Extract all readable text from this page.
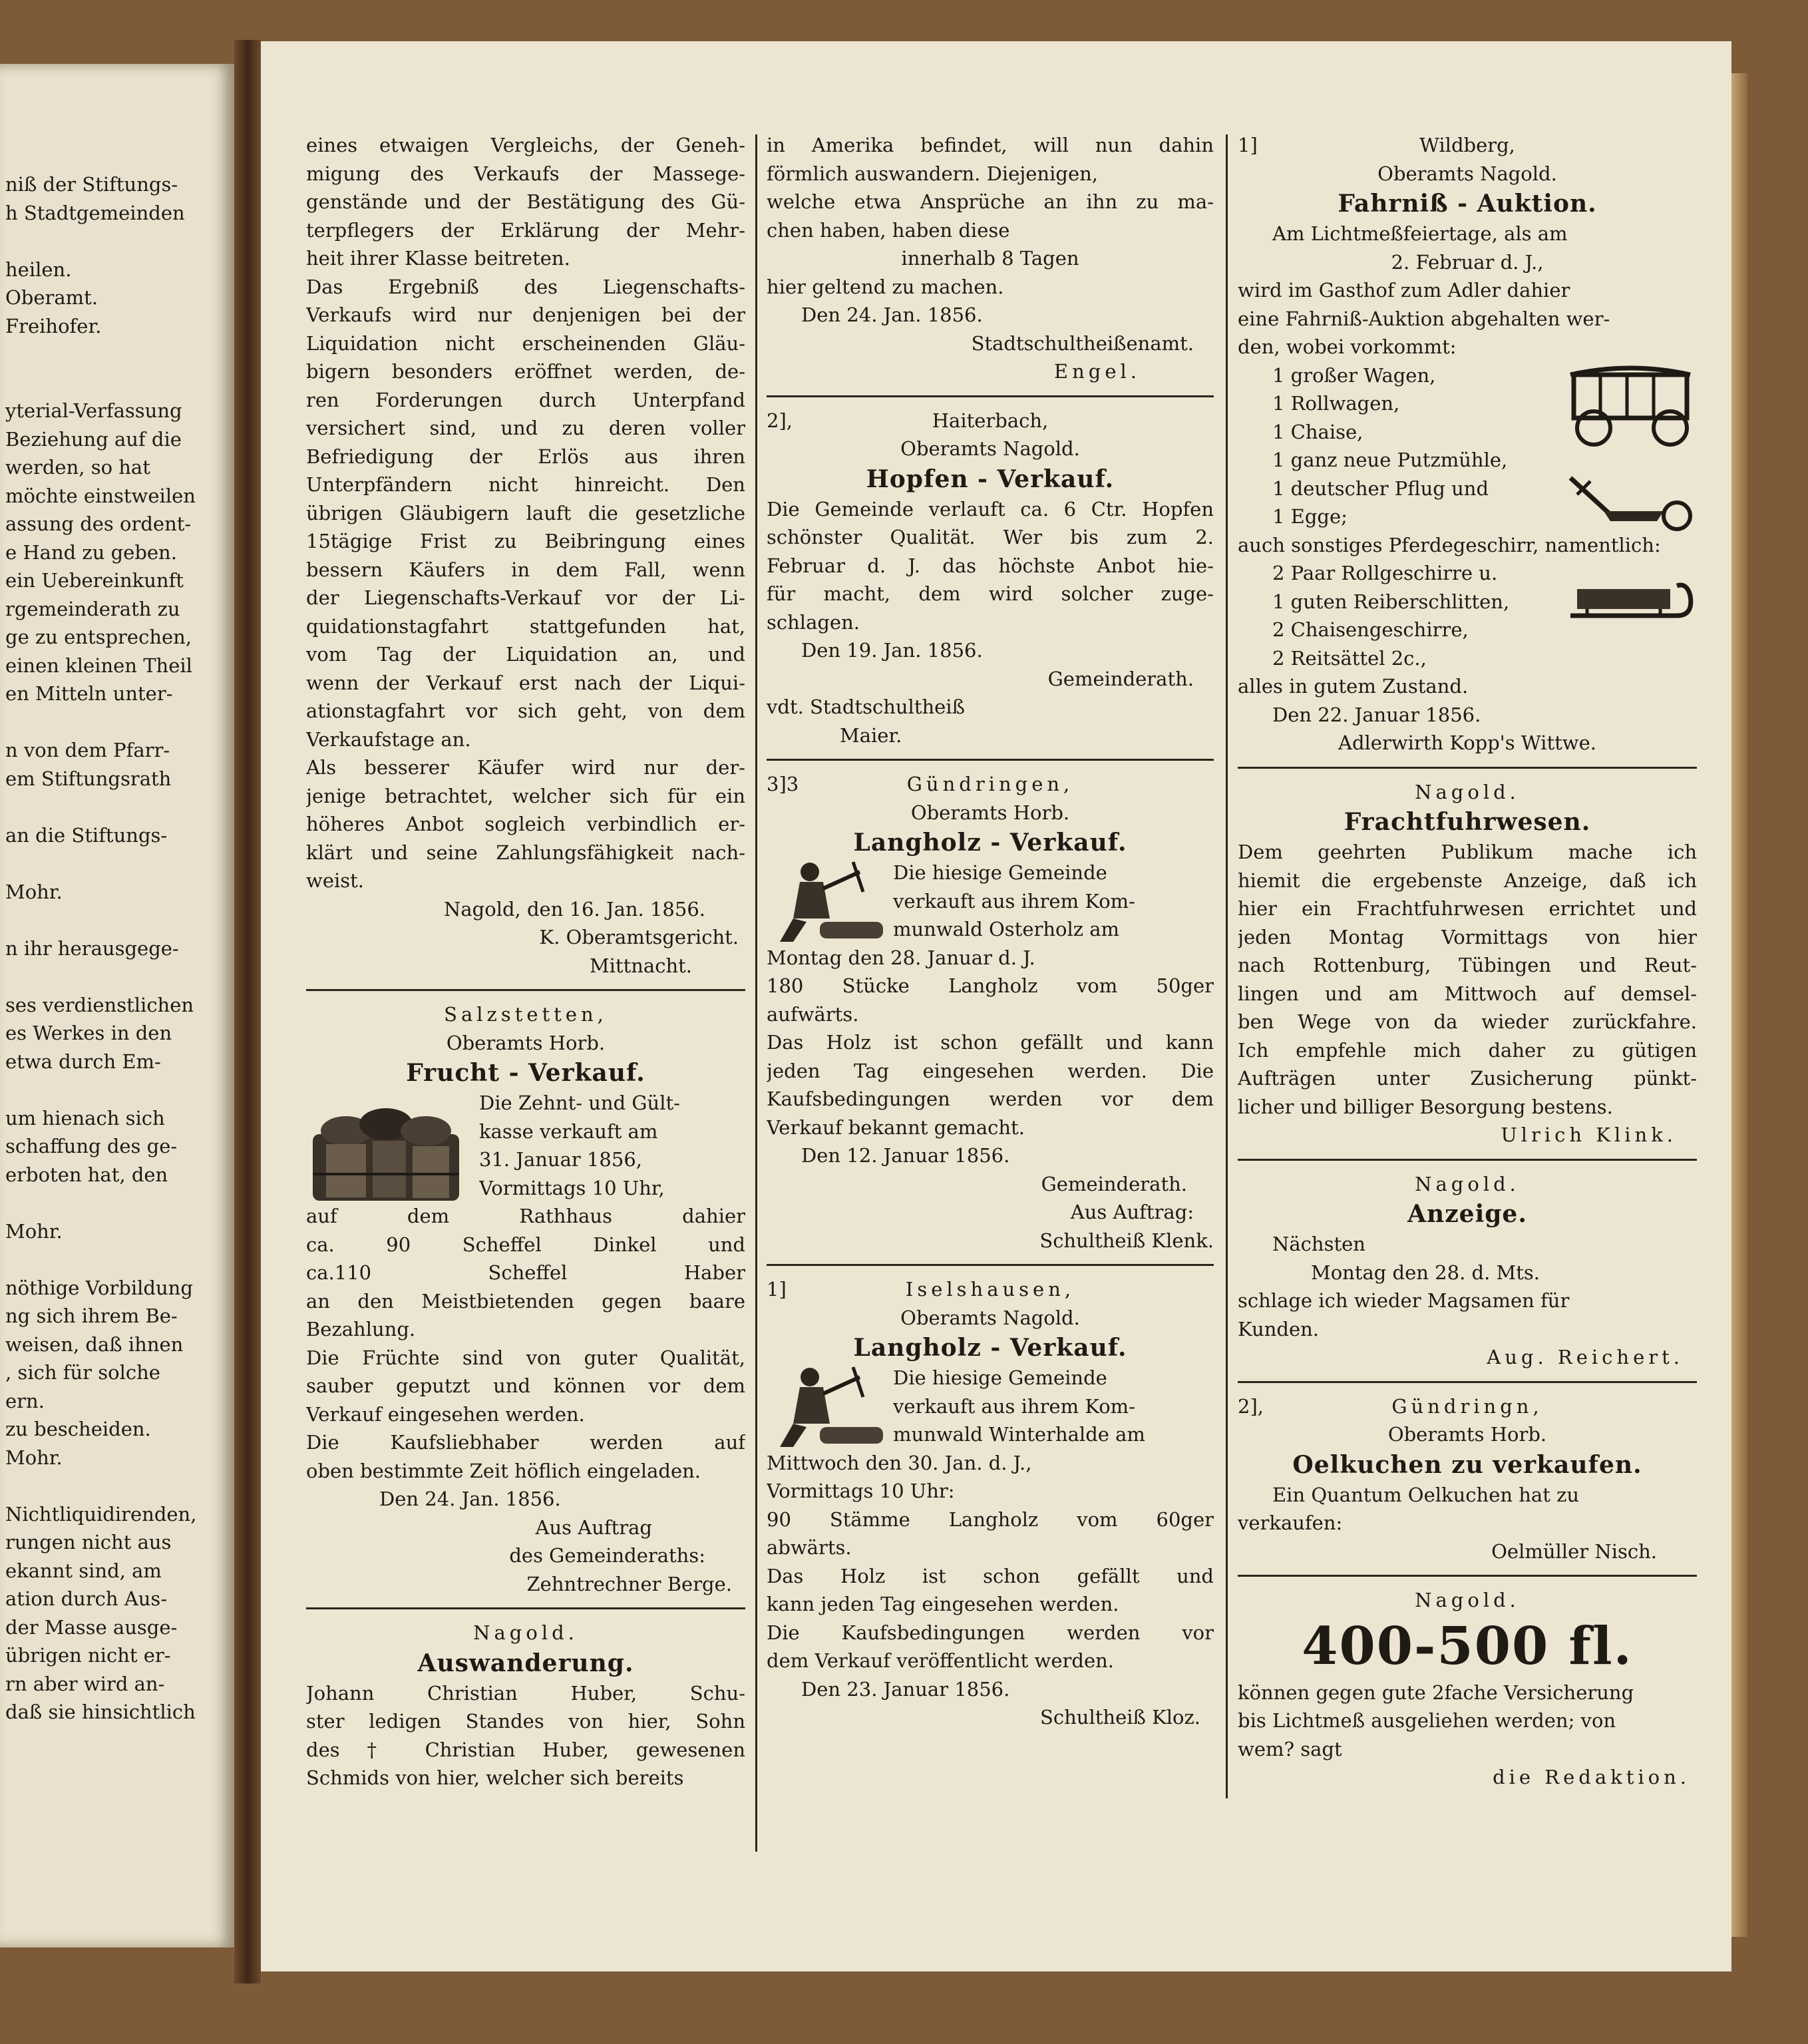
niß der Stiftungs-
h Stadtgemeinden

heilen.
Oberamt.
Freihofer.

yterial-Verfassung
Beziehung auf die
werden, so hat
möchte einstweilen
assung des ordent-
e Hand zu geben.
ein Uebereinkunft
rgemeinderath zu
ge zu entsprechen,
einen kleinen Theil
en Mitteln unter-

n von dem Pfarr-
em Stiftungsrath

an die Stiftungs-

Mohr.

n ihr herausgege-

ses verdienstlichen
es Werkes in den
etwa durch Em-

um hienach sich
schaffung des ge-
erboten hat, den

Mohr.

nöthige Vorbildung
ng sich ihrem Be-
weisen, daß ihnen
, sich für solche
ern.
zu bescheiden.
Mohr.

Nichtliquidirenden,
rungen nicht aus
ekannt sind, am
ation durch Aus-
der Masse ausge-
übrigen nicht er-
rn aber wird an-
daß sie hinsichtlich
eines etwaigen Vergleichs, der Geneh-
migung des Verkaufs der Massege-
genstände und der Bestätigung des Gü-
terpflegers der Erklärung der Mehr-
heit ihrer Klasse beitreten.
Das Ergebniß des Liegenschafts-
Verkaufs wird nur denjenigen bei der
Liquidation nicht erscheinenden Gläu-
bigern besonders eröffnet werden, de-
ren Forderungen durch Unterpfand
versichert sind, und zu deren voller
Befriedigung der Erlös aus ihren
Unterpfändern nicht hinreicht. Den
übrigen Gläubigern lauft die gesetzliche
15tägige Frist zu Beibringung eines
bessern Käufers in dem Fall, wenn
der Liegenschafts-Verkauf vor der Li-
quidationstagfahrt stattgefunden hat,
vom Tag der Liquidation an, und
wenn der Verkauf erst nach der Liqui-
ationstagfahrt vor sich geht, von dem
Verkaufstage an.
Als besserer Käufer wird nur der-
jenige betrachtet, welcher sich für ein
höheres Anbot sogleich verbindlich er-
klärt und seine Zahlungsfähigkeit nach-
weist.
Nagold, den 16. Jan. 1856.
K. Oberamtsgericht.
Mittnacht.
Salzstetten,
Oberamts Horb.
Frucht - Verkauf.
Die Zehnt- und Gült-
kasse verkauft am
31. Januar 1856,
Vormittags 10 Uhr,
auf dem Rathhaus dahier
ca. 90 Scheffel Dinkel und
ca.110 Scheffel Haber
an den Meistbietenden gegen baare
Bezahlung.
Die Früchte sind von guter Qualität,
sauber geputzt und können vor dem
Verkauf eingesehen werden.
Die Kaufsliebhaber werden auf
oben bestimmte Zeit höflich eingeladen.
Den 24. Jan. 1856.
Aus Auftrag
des Gemeinderaths:
Zehntrechner Berge.
Nagold.
Auswanderung.
Johann Christian Huber, Schu-
ster ledigen Standes von hier, Sohn
des † Christian Huber, gewesenen
Schmids von hier, welcher sich bereits
in Amerika befindet, will nun dahin
förmlich auswandern. Diejenigen,
welche etwa Ansprüche an ihn zu ma-
chen haben, haben diese
innerhalb 8 Tagen
hier geltend zu machen.
Den 24. Jan. 1856.
Stadtschultheißenamt.
Engel.
2],	Haiterbach,
Oberamts Nagold.
Hopfen - Verkauf.
Die Gemeinde verlauft ca. 6 Ctr. Hopfen
schönster Qualität. Wer bis zum 2.
Februar d. J. das höchste Anbot hie-
für macht, dem wird solcher zuge-
schlagen.
Den 19. Jan. 1856.
Gemeinderath.
vdt. Stadtschultheiß
Maier.
3]3	Gündringen,
Oberamts Horb.
Langholz - Verkauf.
Die hiesige Gemeinde
verkauft aus ihrem Kom-
munwald Osterholz am
Montag den 28. Januar d. J.
180 Stücke Langholz vom 50ger
aufwärts.
Das Holz ist schon gefällt und kann
jeden Tag eingesehen werden. Die
Kaufsbedingungen werden vor dem
Verkauf bekannt gemacht.
Den 12. Januar 1856.
Gemeinderath.
Aus Auftrag:
Schultheiß Klenk.
1]	Iselshausen,
Oberamts Nagold.
Langholz - Verkauf.
Die hiesige Gemeinde
verkauft aus ihrem Kom-
munwald Winterhalde am
Mittwoch den 30. Jan. d. J.,
Vormittags 10 Uhr:
90 Stämme Langholz vom 60ger
abwärts.
Das Holz ist schon gefällt und
kann jeden Tag eingesehen werden.
Die Kaufsbedingungen werden vor
dem Verkauf veröffentlicht werden.
Den 23. Januar 1856.
Schultheiß Kloz.
1]	Wildberg,
Oberamts Nagold.
Fahrniß - Auktion.
Am Lichtmeßfeiertage, als am
2. Februar d. J.,
wird im Gasthof zum Adler dahier
eine Fahrniß-Auktion abgehalten wer-
den, wobei vorkommt:
1 großer Wagen,
1 Rollwagen,
1 Chaise,
1 ganz neue Putzmühle,
1 deutscher Pflug und
1 Egge;
auch sonstiges Pferdegeschirr, namentlich:
2 Paar Rollgeschirre u.
1 guten Reiberschlitten,
2 Chaisengeschirre,
2 Reitsättel 2c.,
alles in gutem Zustand.
Den 22. Januar 1856.
Adlerwirth Kopp's Wittwe.
Nagold.
Frachtfuhrwesen.
Dem geehrten Publikum mache ich
hiemit die ergebenste Anzeige, daß ich
hier ein Frachtfuhrwesen errichtet und
jeden Montag Vormittags von hier
nach Rottenburg, Tübingen und Reut-
lingen und am Mittwoch auf demsel-
ben Wege von da wieder zurückfahre.
Ich empfehle mich daher zu gütigen
Aufträgen unter Zusicherung pünkt-
licher und billiger Besorgung bestens.
Ulrich Klink.
Nagold.
Anzeige.
Nächsten
Montag den 28. d. Mts.
schlage ich wieder Magsamen für
Kunden.
Aug. Reichert.
2],	Gündringn,
Oberamts Horb.
Oelkuchen zu verkaufen.
Ein Quantum Oelkuchen hat zu
verkaufen:
Oelmüller Nisch.
Nagold.
400-500 fl.
können gegen gute 2fache Versicherung
bis Lichtmeß ausgeliehen werden; von
wem? sagt
die Redaktion.
